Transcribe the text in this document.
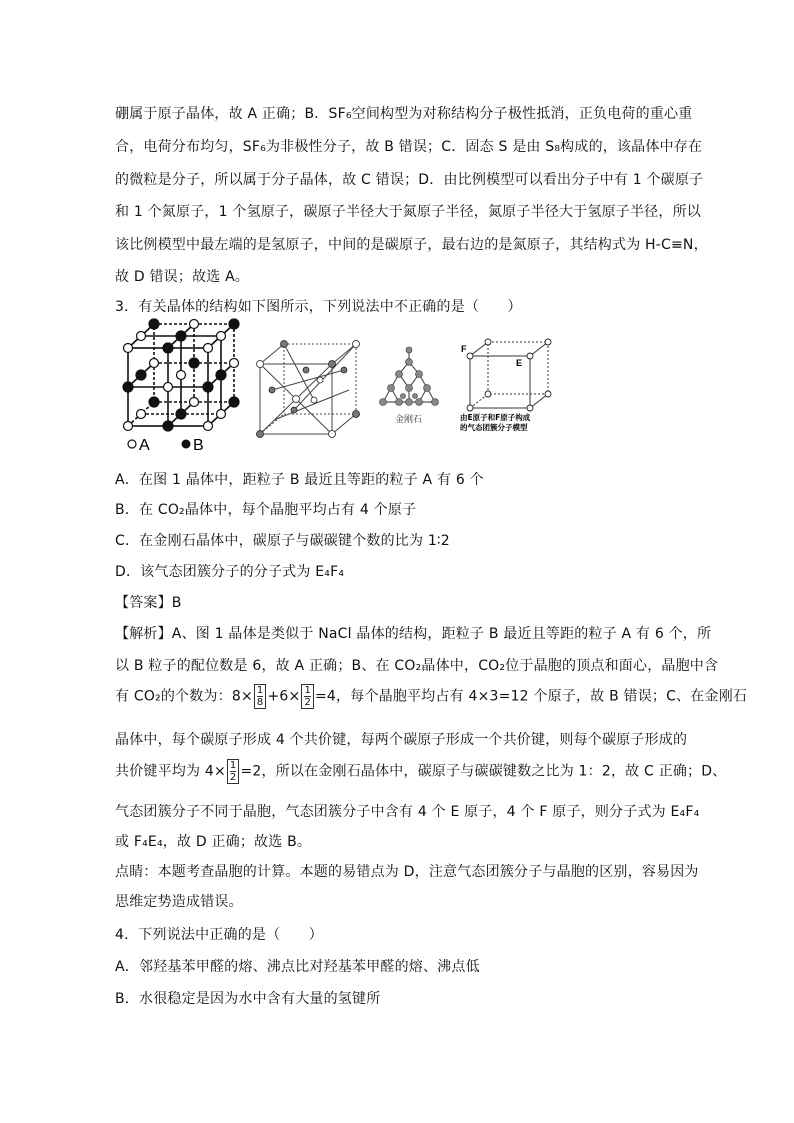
硼属于原子晶体，故 A 正确；B．SF₆空间构型为对称结构分子极性抵消，正负电荷的重心重
合，电荷分布均匀，SF₆为非极性分子，故 B 错误；C．固态 S 是由 S₈构成的，该晶体中存在
的微粒是分子，所以属于分子晶体，故 C 错误；D．由比例模型可以看出分子中有 1 个碳原子
和 1 个氮原子，1 个氢原子，碳原子半径大于氮原子半径，氮原子半径大于氢原子半径，所以
该比例模型中最左端的是氢原子，中间的是碳原子，最右边的是氮原子，其结构式为 H-C≡N，
故 D 错误；故选 A。
3．有关晶体的结构如下图所示，下列说法中不正确的是（　　）
A	B
金刚石
F
E
由E原子和F原子构成
的气态团簇分子模型
A．在图 1 晶体中，距粒子 B 最近且等距的粒子 A 有 6 个
B．在 CO₂晶体中，每个晶胞平均占有 4 个原子
C．在金刚石晶体中，碳原子与碳碳键个数的比为 1∶2
D．该气态团簇分子的分子式为 E₄F₄
【答案】B
【解析】A、图 1 晶体是类似于 NaCl 晶体的结构，距粒子 B 最近且等距的粒子 A 有 6 个，所
以 B 粒子的配位数是 6，故 A 正确；B、在 CO₂晶体中，CO₂位于晶胞的顶点和面心，晶胞中含
有 CO₂的个数为：$8\times \frac{1}{8} +6\times \frac{1}{2} =4$，每个晶胞平均占有 4×3=12 个原子，故 B 错误；C、在金刚石
晶体中，每个碳原子形成 4 个共价键，每两个碳原子形成一个共价键，则每个碳原子形成的
共价键平均为 $4\times \frac{1}{2} =2$，所以在金刚石晶体中，碳原子与碳碳键数之比为 1：2，故 C 正确；D、
气态团簇分子不同于晶胞，气态团簇分子中含有 4 个 E 原子，4 个 F 原子，则分子式为 E₄F₄
或 F₄E₄，故 D 正确；故选 B。
点睛：本题考查晶胞的计算。本题的易错点为 D，注意气态团簇分子与晶胞的区别，容易因为
思维定势造成错误。
4．下列说法中正确的是（　　）
A．邻羟基苯甲醛的熔、沸点比对羟基苯甲醛的熔、沸点低
B．水很稳定是因为水中含有大量的氢键所
